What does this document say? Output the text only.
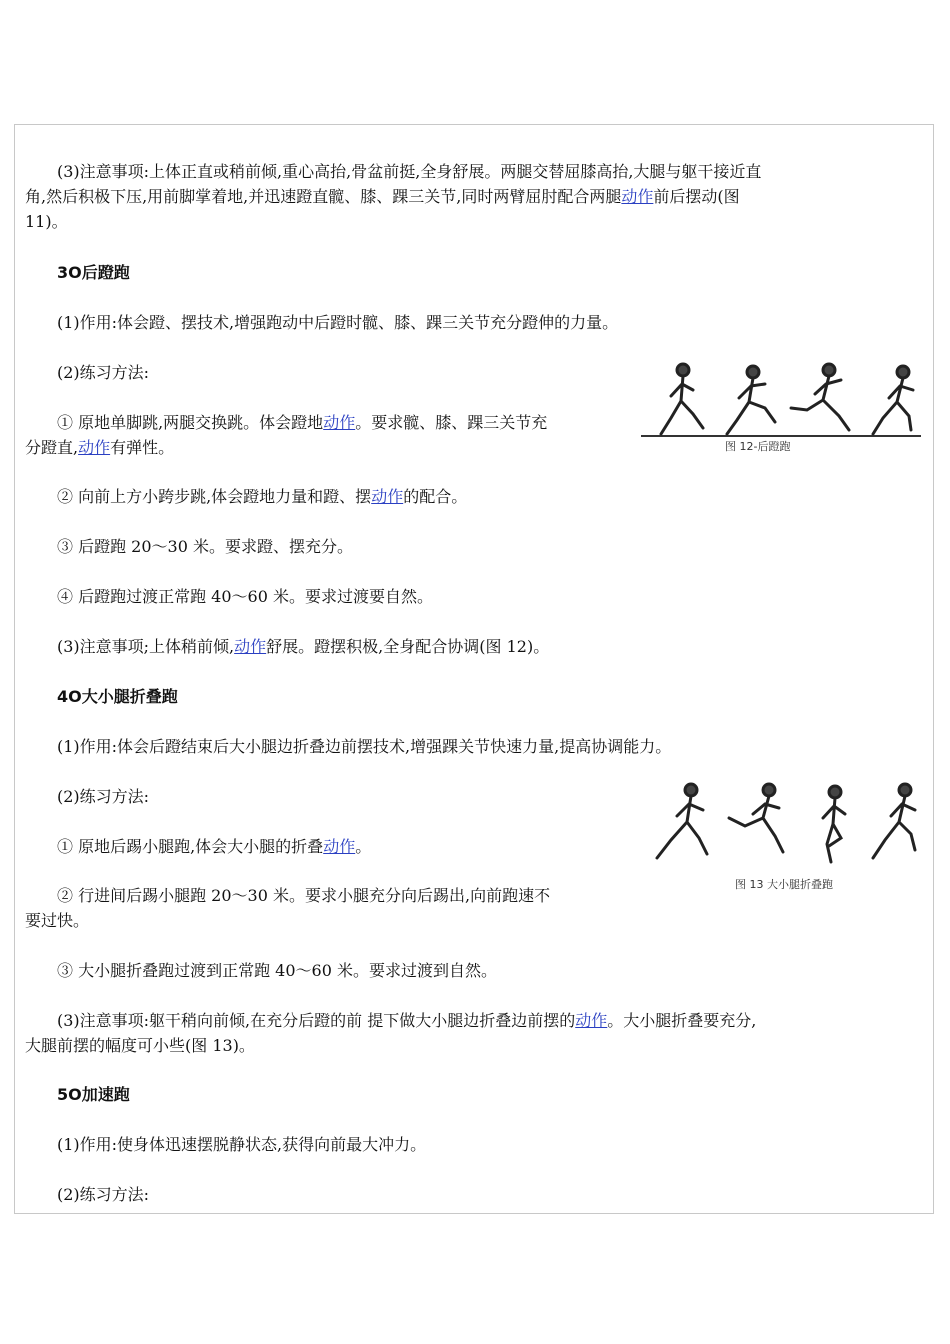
(3)注意事项:上体正直或稍前倾,重心高抬,骨盆前挺,全身舒展。两腿交替屈膝高抬,大腿与躯干接近直

角,然后积极下压,用前脚掌着地,并迅速蹬直髋、膝、踝三关节,同时两臂屈肘配合两腿动作前后摆动(图

11)。

3O后蹬跑

(1)作用:体会蹬、摆技术,增强跑动中后蹬时髋、膝、踝三关节充分蹬伸的力量。

(2)练习方法:

① 原地单脚跳,两腿交换跳。体会蹬地动作。要求髋、膝、踝三关节充

分蹬直,动作有弹性。

② 向前上方小跨步跳,体会蹬地力量和蹬、摆动作的配合。

③ 后蹬跑 20～30 米。要求蹬、摆充分。

④ 后蹬跑过渡正常跑 40～60 米。要求过渡要自然。

(3)注意事项;上体稍前倾,动作舒展。蹬摆积极,全身配合协调(图 12)。

图 12-后蹬跑

4O大小腿折叠跑

(1)作用:体会后蹬结束后大小腿边折叠边前摆技术,增强踝关节快速力量,提高协调能力。

(2)练习方法:

① 原地后踢小腿跑,体会大小腿的折叠动作。

② 行进间后踢小腿跑 20～30 米。要求小腿充分向后踢出,向前跑速不

要过快。

③ 大小腿折叠跑过渡到正常跑 40～60 米。要求过渡到自然。

(3)注意事项:躯干稍向前倾,在充分后蹬的前 提下做大小腿边折叠边前摆的动作。大小腿折叠要充分,

大腿前摆的幅度可小些(图 13)。

图 13 大小腿折叠跑

5O加速跑

(1)作用:使身体迅速摆脱静状态,获得向前最大冲力。

(2)练习方法:
